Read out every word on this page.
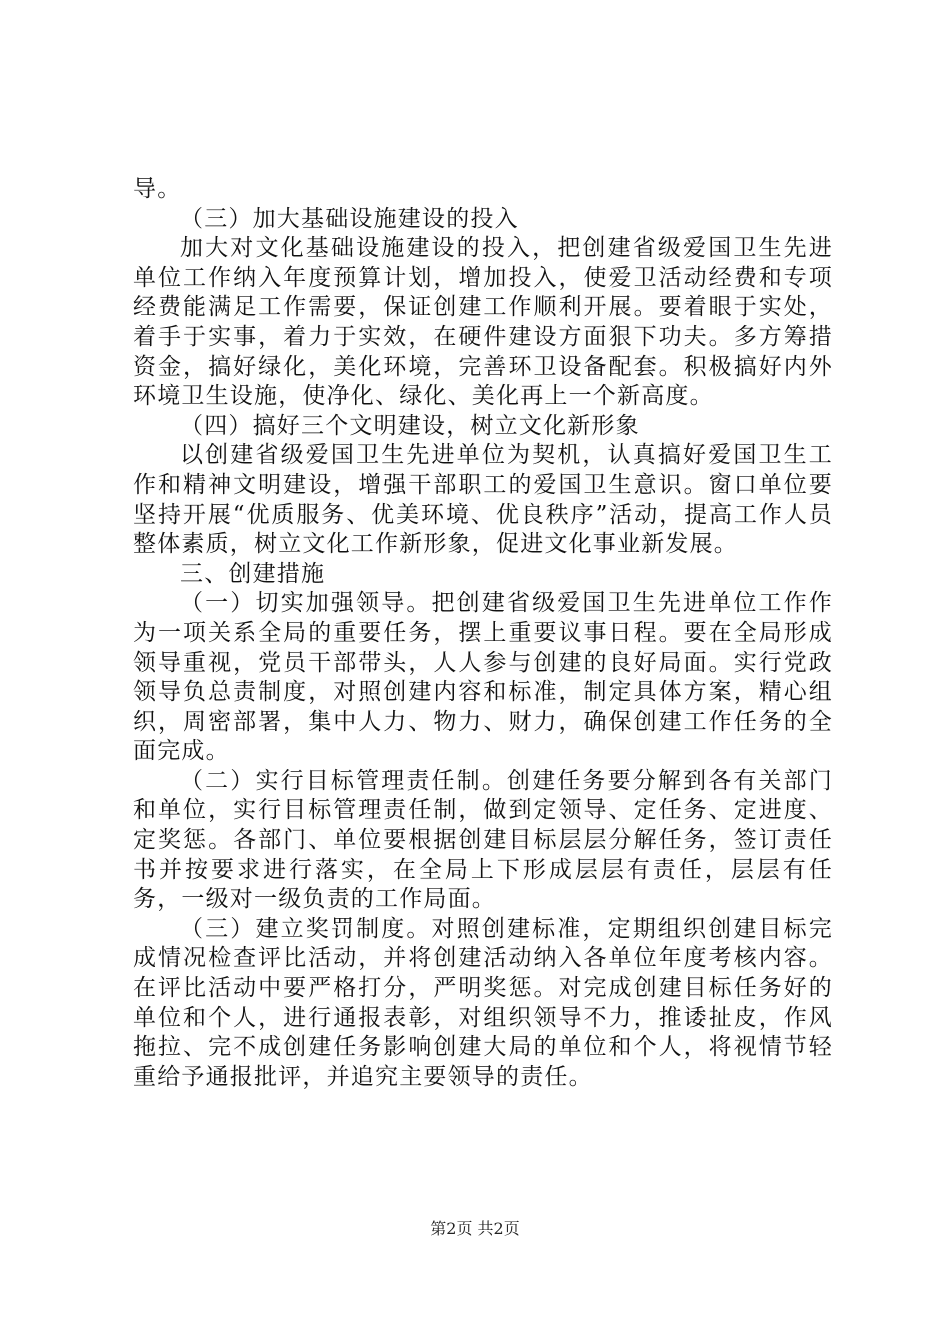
导。

（三）加大基础设施建设的投入

加大对文化基础设施建设的投入，把创建省级爱国卫生先进单位工作纳入年度预算计划，增加投入，使爱卫活动经费和专项经费能满足工作需要，保证创建工作顺利开展。要着眼于实处，着手于实事，着力于实效，在硬件建设方面狠下功夫。多方筹措资金，搞好绿化，美化环境，完善环卫设备配套。积极搞好内外环境卫生设施，使净化、绿化、美化再上一个新高度。

（四）搞好三个文明建设，树立文化新形象

以创建省级爱国卫生先进单位为契机，认真搞好爱国卫生工作和精神文明建设，增强干部职工的爱国卫生意识。窗口单位要坚持开展“优质服务、优美环境、优良秩序”活动，提高工作人员整体素质，树立文化工作新形象，促进文化事业新发展。

三、创建措施

（一）切实加强领导。把创建省级爱国卫生先进单位工作作为一项关系全局的重要任务，摆上重要议事日程。要在全局形成领导重视，党员干部带头，人人参与创建的良好局面。实行党政领导负总责制度，对照创建内容和标准，制定具体方案，精心组织，周密部署，集中人力、物力、财力，确保创建工作任务的全面完成。

（二）实行目标管理责任制。创建任务要分解到各有关部门和单位，实行目标管理责任制，做到定领导、定任务、定进度、定奖惩。各部门、单位要根据创建目标层层分解任务，签订责任书并按要求进行落实，在全局上下形成层层有责任，层层有任务，一级对一级负责的工作局面。

（三）建立奖罚制度。对照创建标准，定期组织创建目标完成情况检查评比活动，并将创建活动纳入各单位年度考核内容。在评比活动中要严格打分，严明奖惩。对完成创建目标任务好的单位和个人，进行通报表彰，对组织领导不力，推诿扯皮，作风拖拉、完不成创建任务影响创建大局的单位和个人，将视情节轻重给予通报批评，并追究主要领导的责任。

第2页 共2页
